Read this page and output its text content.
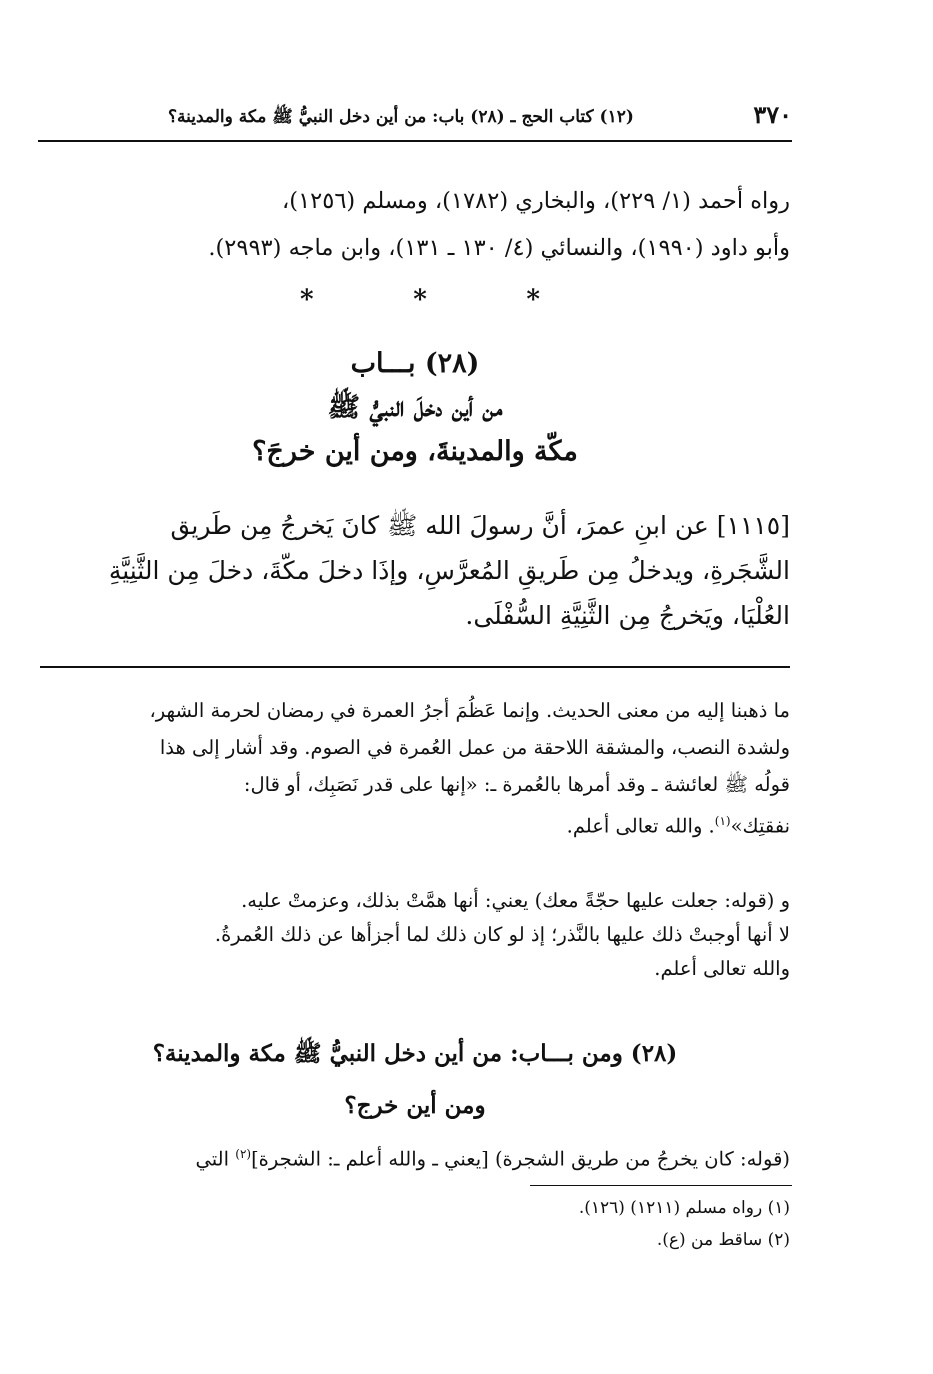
٣٧٠
(١٢) كتاب الحج ـ (٢٨) باب: من أين دخل النبيُّ ﷺ مكة والمدينة؟
رواه أحمد (١/ ٢٢٩)، والبخاري (١٧٨٢)، ومسلم (١٢٥٦)،
وأبو داود (١٩٩٠)، والنسائي (٤/ ١٣٠ ـ ١٣١)، وابن ماجه (٢٩٩٣).
*	*	*
(٢٨) بـــاب
من أين دخلَ النبيُّ ﷺ
مكّة والمدينةَ، ومن أين خرجَ؟
[١١١٥] عن ابنِ عمرَ، أنَّ رسولَ الله ﷺ كانَ يَخرجُ مِن طَريق
الشَّجَرةِ، ويدخلُ مِن طَريقِ المُعرَّسِ، وإذَا دخلَ مكّةَ، دخلَ مِن الثَّنِيَّةِ
العُلْيَا، ويَخرجُ مِن الثَّنِيَّةِ السُّفْلَى.
ما ذهبنا إليه من معنى الحديث. وإنما عَظُمَ أجرُ العمرة في رمضان لحرمة الشهر،
ولشدة النصب، والمشقة اللاحقة من عمل العُمرة في الصوم. وقد أشار إلى هذا
قولُه ﷺ لعائشة ـ وقد أمرها بالعُمرة ـ: «إنها على قدر نَصَبِك، أو قال:
نفقتِك»$^{(١)}$. والله تعالى أعلم.
و (قوله: جعلت عليها حجّةً معك) يعني: أنها همَّتْ بذلك، وعزمتْ عليه.
لا أنها أوجبتْ ذلك عليها بالنَّذر؛ إذ لو كان ذلك لما أجزأها عن ذلك العُمرةُ.
والله تعالى أعلم.
(٢٨) ومن بـــاب: من أين دخل النبيُّ ﷺ مكة والمدينة؟
ومن أين خرج؟
(قوله: كان يخرجُ من طريق الشجرة) [يعني ـ والله أعلم ـ: الشجرة]$^{(٢)}$ التي
(١) رواه مسلم (١٢١١) (١٢٦).
(٢) ساقط من (ع).
